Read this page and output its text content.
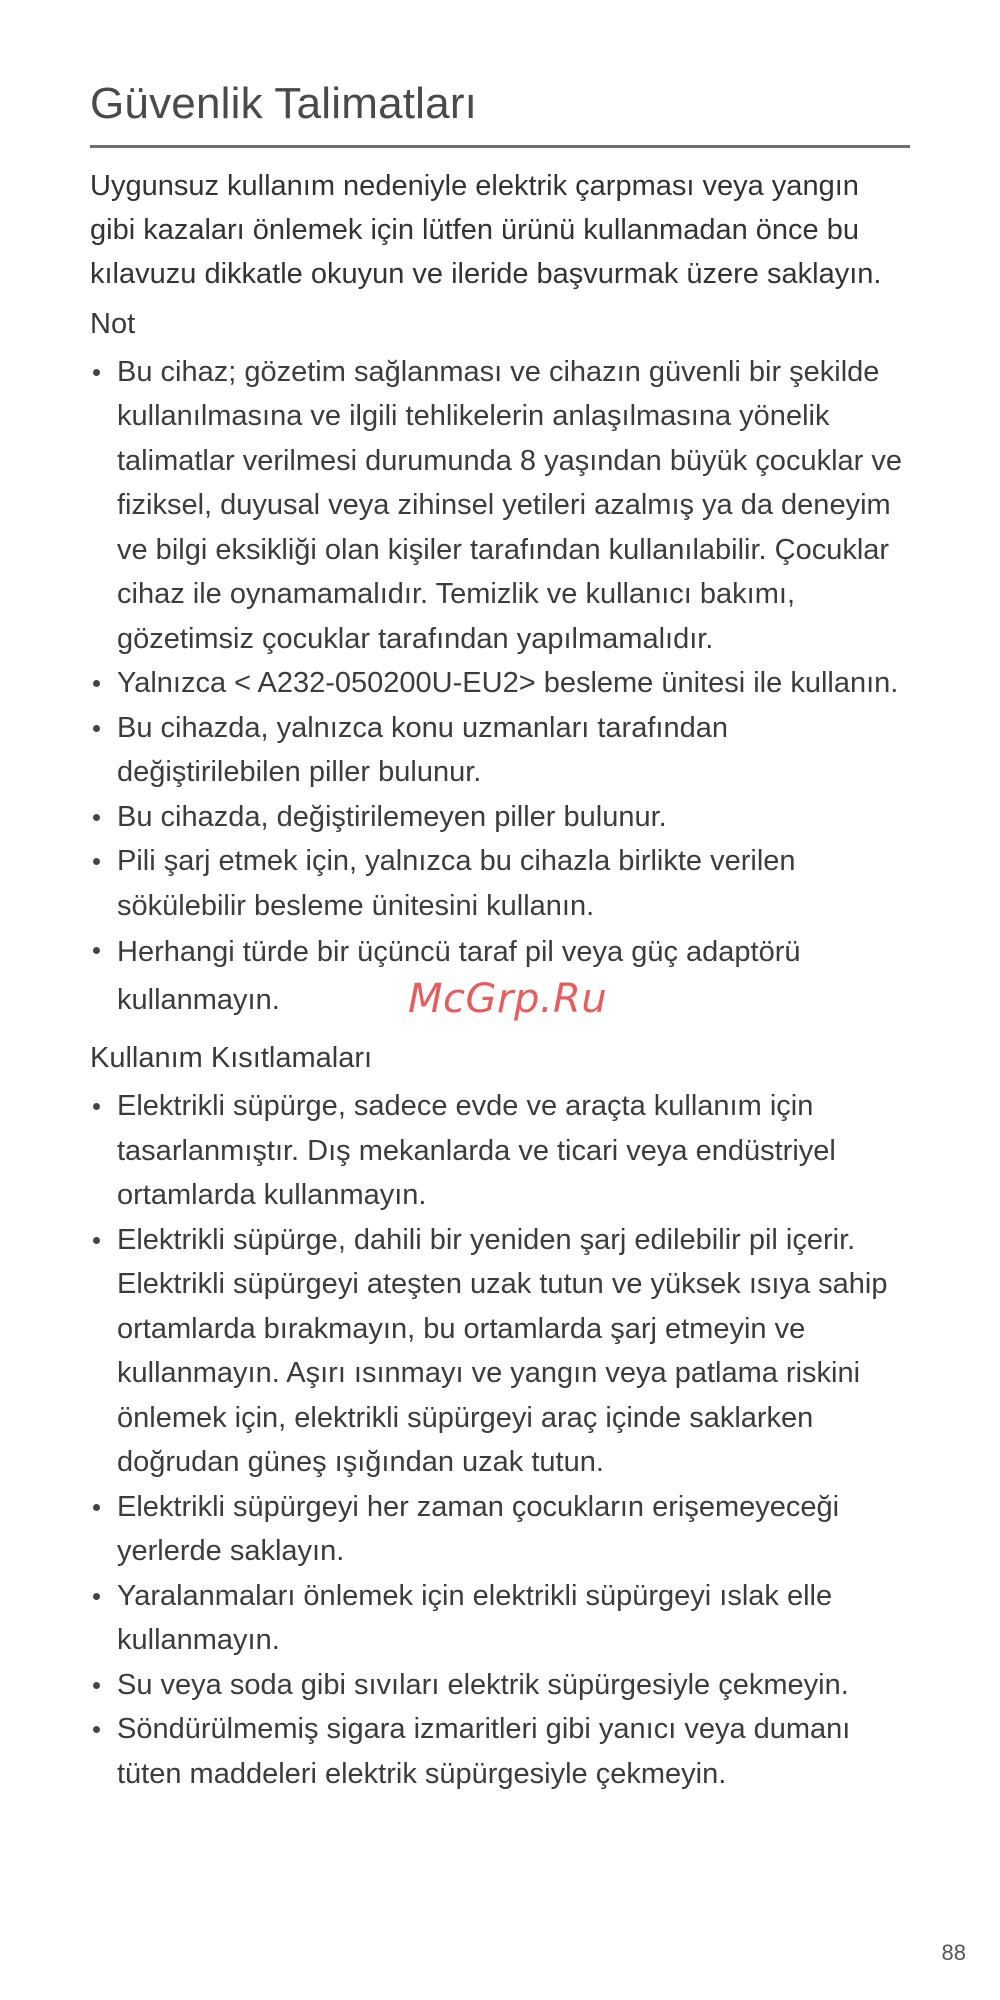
Güvenlik Talimatları

Uygunsuz kullanım nedeniyle elektrik çarpması veya yangın gibi kazaları önlemek için lütfen ürünü kullanmadan önce bu kılavuzu dikkatle okuyun ve ileride başvurmak üzere saklayın.

Not
Bu cihaz; gözetim sağlanması ve cihazın güvenli bir şekilde kullanılmasına ve ilgili tehlikelerin anlaşılmasına yönelik talimatlar verilmesi durumunda 8 yaşından büyük çocuklar ve fiziksel, duyusal veya zihinsel yetileri azalmış ya da deneyim ve bilgi eksikliği olan kişiler tarafından kullanılabilir. Çocuklar cihaz ile oynamamalıdır. Temizlik ve kullanıcı bakımı, gözetimsiz çocuklar tarafından yapılmamalıdır.
Yalnızca < A232-050200U-EU2> besleme ünitesi ile kullanın.
Bu cihazda, yalnızca konu uzmanları tarafından değiştirilebilen piller bulunur.
Bu cihazda, değiştirilemeyen piller bulunur.
Pili şarj etmek için, yalnızca bu cihazla birlikte verilen sökülebilir besleme ünitesini kullanın.
Herhangi türde bir üçüncü taraf pil veya güç adaptörü kullanmayın.
Kullanım Kısıtlamaları
Elektrikli süpürge, sadece evde ve araçta kullanım için tasarlanmıştır. Dış mekanlarda ve ticari veya endüstriyel ortamlarda kullanmayın.
Elektrikli süpürge, dahili bir yeniden şarj edilebilir pil içerir. Elektrikli süpürgeyi ateşten uzak tutun ve yüksek ısıya sahip ortamlarda bırakmayın, bu ortamlarda şarj etmeyin ve kullanmayın. Aşırı ısınmayı ve yangın veya patlama riskini önlemek için, elektrikli süpürgeyi araç içinde saklarken doğrudan güneş ışığından uzak tutun.
Elektrikli süpürgeyi her zaman çocukların erişemeyeceği yerlerde saklayın.
Yaralanmaları önlemek için elektrikli süpürgeyi ıslak elle kullanmayın.
Su veya soda gibi sıvıları elektrik süpürgesiyle çekmeyin.
Söndürülmemiş sigara izmaritleri gibi yanıcı veya dumanı tüten maddeleri elektrik süpürgesiyle çekmeyin.
McGrp.Ru
88
